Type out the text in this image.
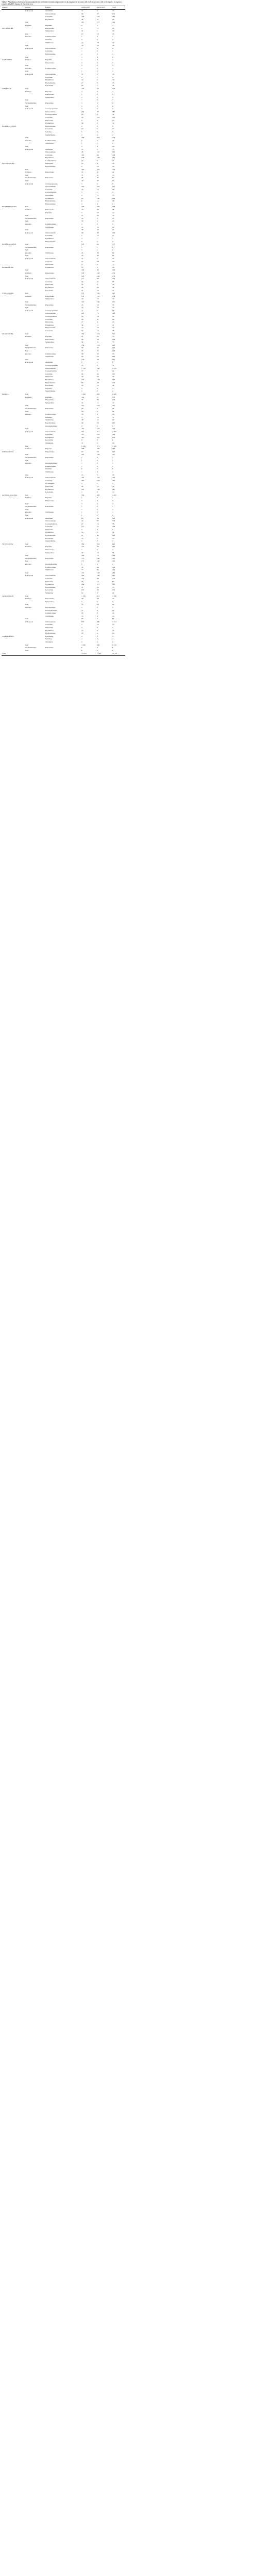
Tabla 7. Abundancia relativa de la comunidad de invertebrados bentónicos presentes en las lagunas de la cuenca del río Ichu y cuenca del río Ichupalca en agosto y octubre del 2015, durante la época de seca.
Laguna	Phylum	Familia	05/08/2015	24/10/2015	Total
	Arthropoda	Aphididae	11	6	16
		Chironomidae	84	87	171
		Corixidae	168	116	284
		Hyalellidae	48	21	69
	Total		311	177	494
	Mollusca	Physidae	4	0	4
ALCACOCHA		Planorbidae	2	11	13
		Sphaeriidae	21	7	28
	Total		27	18	45
	Annelida	Lumbriculidae	1	0	1
		Naididae	4	0	4
		Tubificidae	14	10	24
	Total		19	10	29
	Arthropoda	Chironomidae	2	4	6
		Corixidae	1	0	1
		Hydrachnidae	2	0	2
	Total		5	4	9
CAHUCHES	Mollusca	Physidae	1	0	1
		Planorbidae	2	0	2
	Total		3	0	3
	Annelida	Lumbriculidae	1	0	1
	Total		1	0	1
	Arthropoda	Chironomidae	11	8	19
		Corixidae	4	1	5
		Hyalellidae	74	2	76
		Hydrachnidae	17	6	23
		Leuctridae	29	7	36
CHILHUCA	Total		135	24	159
	Mollusca	Physidae	4	0	4
		Planorbidae	1	0	1
		Sphaeriidae	2	0	2
	Total		7	0	7
	Platyhelminthes	Planariidae	5	3	8
	Total		5	3	8
	Arthropoda	Ceratopogonidae	4	0	4
		Chironomidae	191	93	284
		Coenagrionidae	28	4	32
		Corixidae	34	101	135
		Dytiscidae	9	6	15
		Hyalellidae	30	0	30
HUACRACOCHA		Hydrachnidae	6	0	6
		Leuctridae	12	5	17
		Scirtidae	5	0	5
		Staphylinidae	2	0	2
	Total		330	204	534
	Annelida	Lumbriculidae	5	7	12
		Tubificidae	1	1	2
	Total		6	8	14
	Arthropoda	Aphididae	15	0	15
		Chironomidae	48	137	185
		Corixidae	182	66	248
		Hyalellidae	136	128	264
		Cecidomyiidae	17	4	21
LACSACOCHA		Dytiscidae	14	6	20
		Hydrachnidae	6	14	20
	Total		418	355	773
	Mollusca	Planorbidae	11	61	72
	Total		11	61	72
	Platyhelminthes	Planariidae	56	37	93
	Total		56	37	93
	Arthropoda	Ceratopogonidae	5	3	8
		Chironomidae	105	210	315
		Corixidae	23	13	36
		Cecidomyiidae	2	1	3
		Dytiscidae	4	11	15
		Hyalellidae	80	120	200
		Hydrachnidae	6	12	18
		Hydroptilidae	3	0	3
HUARCHICOCHA	Total		228	370	598
	Mollusca	Planorbidae	25	33	58
		Physidae	2	10	12
	Total		27	43	70
	Platyhelminthes	Planariidae	25	2	27
	Total		25	2	27
	Annelida	Lumbriculidae	4	0	4
		Tubificidae	34	56	90
	Total		38	56	94
	Arthropoda	Chironomidae	98	48	146
		Corixidae	5	12	17
		Hyalellidae	4	1	5
		Hydrachnidae	6	3	9
HUANCACOCHA	Total		113	64	177
	Platyhelminthes	Planariidae	5	1	6
	Total		5	1	6
	Annelida	Tubificidae	25	36	61
	Total		25	36	61
	Arthropoda	Chironomidae	21	3	24
		Corixidae	47	26	73
		Dytiscidae	27	6	33
HUAYCOCHA		Hyalellidae	13	5	18
	Total		108	40	148
	Mollusca	Planorbidae	128	146	274
	Total		128	146	274
	Arthropoda	Chironomidae	141	89	230
		Corixidae	64	21	85
		Dytiscidae	20	9	29
		Hyalellidae	26	20	46
		Leuctridae	21	10	31
JULCAPAMPA	Total		272	149	421
	Mollusca	Planorbidae	135	118	253
		Sphaeriidae	10	12	22
	Total		145	130	275
	Platyhelminthes	Planariidae	25	10	35
	Total		25	10	35
	Arthropoda	Ceratopogonidae	11	5	16
		Chironomidae	195	73	268
		Coenagrionidae	16	18	34
		Corixidae	49	37	86
		Dytiscidae	17	6	23
		Hyalellidae	36	11	47
		Hydrachnidae	12	10	22
		Leuctridae	34	14	48
LIGIACOCHA	Total		370	174	544
	Mollusca	Physidae	41	33	74
		Planorbidae	66	70	136
		Sphaeriidae	32	21	53
	Total		139	124	263
	Platyhelminthes	Planariidae	90	35	125
	Total		90	35	125
	Annelida	Lumbriculidae	38	35	73
		Tubificidae	95	23	118
	Total		133	58	191
	Arthropoda	Aphididae	5	1	6
		Ceratopogonidae	22	9	31
		Chironomidae	1 142	530	1 672
		Coenagrionidae	17	5	22
		Corixidae	69	44	113
		Dytiscidae	20	20	40
		Hyalellidae	177	148	325
		Hydrachnidae	99	50	149
		Leuctridae	33	13	46
		Scirtidae	3	0	3
		Staphylinidae	2	0	2
MARCA	Total		1 589	820	2 409
	Mollusca	Physidae	148	27	175
		Planorbidae	77	96	173
		Sphaeriidae	32	11	43
	Total		257	134	391
	Platyhelminthes	Planariidae	18	0	18
	Total		18	0	18
	Annelida	Lumbriculidae	18	0	18
		Naididae	17	14	31
		Tubificidae	38	52	90
		Erpobdellidae	99	76	175
		Glossiphoniidae	9	0	9
	Total		181	142	323
	Arthropoda	Chironomidae	691	311	1 002
		Corixidae	197	101	298
		Hyalellidae	381	255	636
		Leuctridae	6	0	6
		Simuliidae	11	5	16
	Total		1 286	672	1 958
	Mollusca	Physidae	178	106	284
POMACOCHA		Planorbidae	67	76	143
	Total		245	182	427
	Platyhelminthes	Planariidae	1	0	1
	Total		1	0	1
	Annelida	Glossiphoniidae	1	0	1
		Lumbriculidae	5	0	5
		Naididae	6	0	6
		Tubificidae	1	0	1
	Total		13	0	13
	Arthropoda	Chironomidae	314	176	490
		Corixidae	260	103	363
		Cicadellidae	2	1	3
		Dytiscidae	40	12	52
		Hyalellidae	145	136	281
		Leuctridae	5	8	13
SANTA CATALINA	Total		766	436	1 202
	Mollusca	Physidae	1	0	1
		Planorbidae	2	0	2
	Total		3	0	3
	Platyhelminthes	Planariidae	1	0	1
	Total		1	0	1
	Annelida	Tubificidae	1	0	1
	Total		1	0	1
	Arthropoda	Aphididae	63	39	102
		Chironomidae	45	87	132
		Coenagrionidae	17	13	30
		Corixidae	111	27	138
		Dytiscidae	6	0	6
		Hyalellidae	31	9	40
		Hydrachnidae	97	84	181
		Leuctridae	12	2	14
		Staphylinidae	2	0	2
TICTICOCHA	Total		384	261	645
	Mollusca	Physidae	125	60	185
		Planorbidae	7	0	7
		Sphaeriidae	37	19	56
	Total		169	79	248
	Platyhelminthes	Planariidae	175	130	305
	Total		175	130	305
	Annelida	Glossiphoniidae	2	0	2
		Lumbriculidae	56	44	100
		Tubificidae	77	84	161
	Total		135	128	263
	Arthropoda	Chironomidae	295	186	481
		Corixidae	132	38	170
		Dytiscidae	55	12	67
		Hyalellidae	498	317	815
		Hydrachnidae	51	22	73
		Leuctridae	115	36	151
		Simuliidae	12	0	12
TAMACHACO	Total		1 158	611	1 769
	Mollusca	Planorbidae	49	28	77
		Sphaeriidae	5	0	5
	Total		54	28	82
	Annelida	Erpobdellidae	5	0	5
		Glossiphoniidae	11	0	11
		Lumbriculidae	29	3	32
		Tubificidae	15	0	15
	Total		60	3	63
	Arthropoda	Chironomidae	974	480	1 454
		Corixidae	5	12	17
		Dytiscidae	4	0	4
		Hyalellidae	13	0	13
		Hydrachnidae	16	4	20
YURACMAYO		Leuctridae	4	0	4
		Scirtidae	4	0	4
		Tabanidae	6	0	6
	Total		1 026	496	1 522
	Platyhelminthes	Planariidae	6	0	6
	Total		6	0	6
Total			13 554	7 593	21 147
